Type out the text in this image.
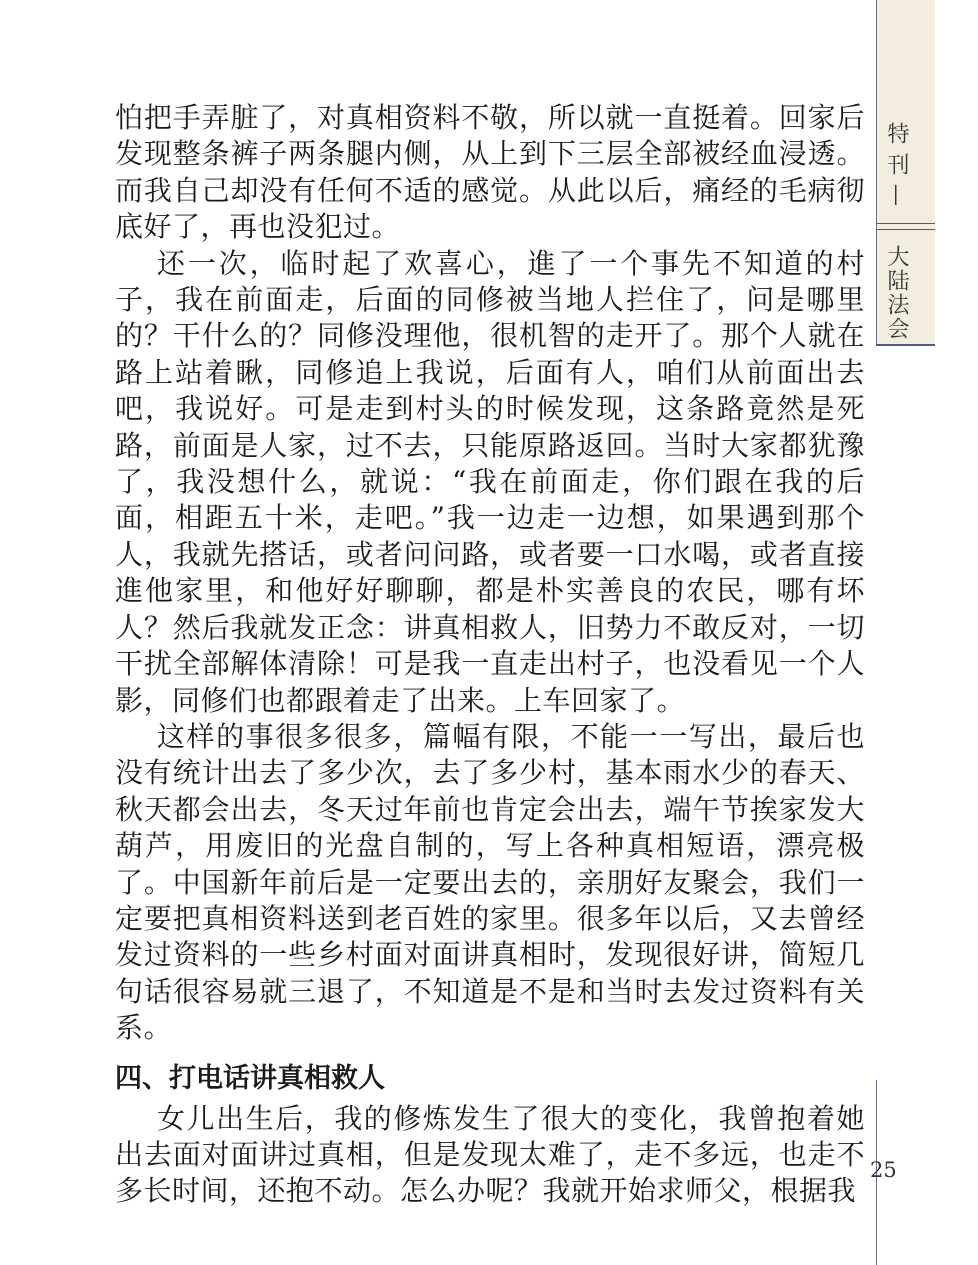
特刊—
大陆法会
25

怕把手弄脏了，对真相资料不敬，所以就一直挺着。回家后发现整条裤子两条腿内侧，从上到下三层全部被经血浸透。而我自己却没有任何不适的感觉。从此以后，痛经的毛病彻底好了，再也没犯过。

还一次，临时起了欢喜心，進了一个事先不知道的村子，我在前面走，后面的同修被当地人拦住了，问是哪里的？干什么的？同修没理他，很机智的走开了。那个人就在路上站着瞅，同修追上我说，后面有人，咱们从前面出去吧，我说好。可是走到村头的时候发现，这条路竟然是死路，前面是人家，过不去，只能原路返回。当时大家都犹豫了，我没想什么，就说：“我在前面走，你们跟在我的后面，相距五十米，走吧。”我一边走一边想，如果遇到那个人，我就先搭话，或者问问路，或者要一口水喝，或者直接進他家里，和他好好聊聊，都是朴实善良的农民，哪有坏人？然后我就发正念：讲真相救人，旧势力不敢反对，一切干扰全部解体清除！可是我一直走出村子，也没看见一个人影，同修们也都跟着走了出来。上车回家了。

这样的事很多很多，篇幅有限，不能一一写出，最后也没有统计出去了多少次，去了多少村，基本雨水少的春天、秋天都会出去，冬天过年前也肯定会出去，端午节挨家发大葫芦，用废旧的光盘自制的，写上各种真相短语，漂亮极了。中国新年前后是一定要出去的，亲朋好友聚会，我们一定要把真相资料送到老百姓的家里。很多年以后，又去曾经发过资料的一些乡村面对面讲真相时，发现很好讲，简短几句话很容易就三退了，不知道是不是和当时去发过资料有关系。

四、打电话讲真相救人

女儿出生后，我的修炼发生了很大的变化，我曾抱着她出去面对面讲过真相，但是发现太难了，走不多远，也走不多长时间，还抱不动。怎么办呢？我就开始求师父，根据我
